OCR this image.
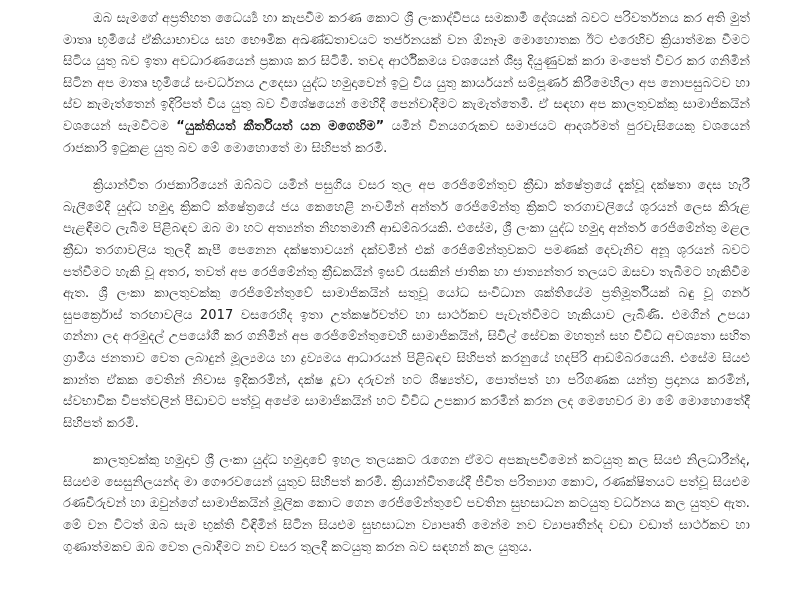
ඔබ සැමගේ අප්‍රතිහත ධෛර්‍ය්‍ය හා කැපවීම කරණ කොට ශ්‍රී ලංකාද්වීපය සමකාමී දේශයක් බවට පරිවර්තනය කර අති මුත් මාතෘ භූමියේ ඒකියාභාවය සහ භෞමික අඛණ්ඩතාවයට තර්ජනයක් වන ඕනෑම මොහොතක ඊට එරෙහිව ක්‍රියාත්මක වීමට සිටිය යුතු බව ඉතා අවධාරණයෙන් ප්‍රකාශ කර සිටිමි. තවද ආර්ථිකමය වශයෙන් ශීඝ්‍ර දියුණුවක් කරා මංපෙත් විවර කර ගනිමින් සිටින අප මාතෘ භූමියේ සංවර්ධනය උදෙසා යුද්ධ හමුදාවෙන් ඉටු විය යුතු කාර්යයන් සම්පූර්ණ කිරීමෙහිලා අප නොපසුබටව හා ස්ව කැමැත්තෙන් ඉදිරිපත් විය යුතු බව විශේෂයෙන් මෙහිදී පෙන්වාදීමට කැමැත්තෙමි. ඒ සඳහා අප කාලතුවක්කු සාමාජිකයින් වශයෙන් සැමවිටම “යුක්තියත් කීර්තියත් යන මගෙහිම” යමින් විනයගරුකව සමාජයට ආදර්ශමත් පුරවැසියෙකු වශයෙන් රාජකාරි ඉටුකළ යුතු බව මේ මොහොතේ මා සිහිපත් කරමි.

ක්‍රියාන්විත රාජකාරියෙන් ඔබ්බට යමින් පසුගිය වසර තුල අප රෙජිමේන්තුව ක්‍රීඩා ක්ෂේත්‍රයේ දැක්වූ දක්ෂතා දෙස හැරී බැලීමේදී යුද්ධ හමුදා ක්‍රිකට් ක්ෂේත්‍රයේ ජය කෙහෙළි නංවමින් අන්තර් රෙජිමේන්තු ක්‍රිකට් තරගාවලියේ ශූරයන් ලෙස කිරුළ පැළඳීමට ලැබීම පිළිබඳව ඔබ මා හට අත්‍යන්ත නිහතමානී ආඩම්බරයකි. එසේම, ශ්‍රී ලංකා යුද්ධ හමුදා අන්තර් රෙජිමේන්තු මළල ක්‍රීඩා තරගාවලිය තුලදී කැපී පෙනෙන දක්ෂතාවයන් දක්වමින් එක් රෙජිමේන්තුවකට පමණක් දෙවැනිව අනූ ශූරයන් බවට පත්වීමට හැකි වූ අතර, තවත් අප රෙජිමේන්තු ක්‍රීඩකයින් ඉසව් රැසකින් ජාතික හා ජාත්‍යන්තර තලයට ඔසවා තැබීමට හැකිවීම ඇත. ශ්‍රී ලංකා කාලතුවක්කු රෙජිමේන්තුවේ සාමාජිකයින් සතුවූ යෝධ සංවිධාන ශක්තියේම ප්‍රතිමූර්තියක් බඳු වූ ගනර් සුපර්ක්‍රොස් තරඟාවලිය 2017 වසරෙහිද ඉතා උත්කර්ෂවත්ව හා සාර්ථකව පැවැත්වීමට හැකියාව ලැබිණි. එමගින් උපයා ගන්නා ලද අරමුදල් උපයෝගී කර ගනිමින් අප රෙජිමේන්තුවෙහි සාමාජිකයින්, සිවිල් සේවක මහතුන් සහ විවිධ අවශ්‍යතා සහිත ග්‍රාමීය ජනතාව වෙත ලබාදුන් මූල්‍යමය හා ද්‍රව්‍යමය ආධාරයන් පිළිබඳව සිහිපත් කරනුයේ හදපිරි ආඩම්බරයෙනි. එසේම සියළු කාන්ත ඒකක වෙතින් නිවාස ඉදිකරමින්, දක්ෂ දූවා දරුවන් හට ශිෂ්‍යත්ව, පොත්පත් හා පරිගණක යන්ත්‍ර ප්‍රදානය කරමින්, ස්වභාවික විපත්වලින් පීඩාවට පත්වූ අපේම සාමාජිකයින් හට විවිධ උපකාර කරමින් කරන ලද මෙහෙවර මා මේ මොහොතේදී සිහිපත් කරමි.

කාලතුවක්කු හමුදාව ශ්‍රී ලංකා යුද්ධ හමුදාවේ ඉහල තලයකට රැගෙන ඒමට අපකැපවීමෙන් කටයුතු කල සියළු නිලධාරීන්ද, සියළුම සෙසුනිලයන්ද මා ගෞරවයෙන් යුතුව සිහිපත් කරමි. ක්‍රියාන්විතයේදී ජීවිත පරිත්‍යාග කොට, රණක්ෂිතයට පත්වූ සියළුම රණවිරුවන් හා ඔවුන්ගේ සාමාජිකයින් මූලික කොට ගෙන රෙජිමේන්තුවේ පවතින සුභසාධන කටයුතු වර්ධනය කල යුතුව ඇත. මේ වන විටත් ඔබ සැම භුක්ති විඳිමින් සිටින සියළුම සුභසාධන ව්‍යාපෘති මෙන්ම නව ව්‍යාපෘතීන්ද වඩා වඩාත් සාර්ථකව හා ගුණාත්මකව ඔබ වෙත ලබාදීමට නව වසර තුලදී කටයුතු කරන බව සඳහන් කල යුතුය.
